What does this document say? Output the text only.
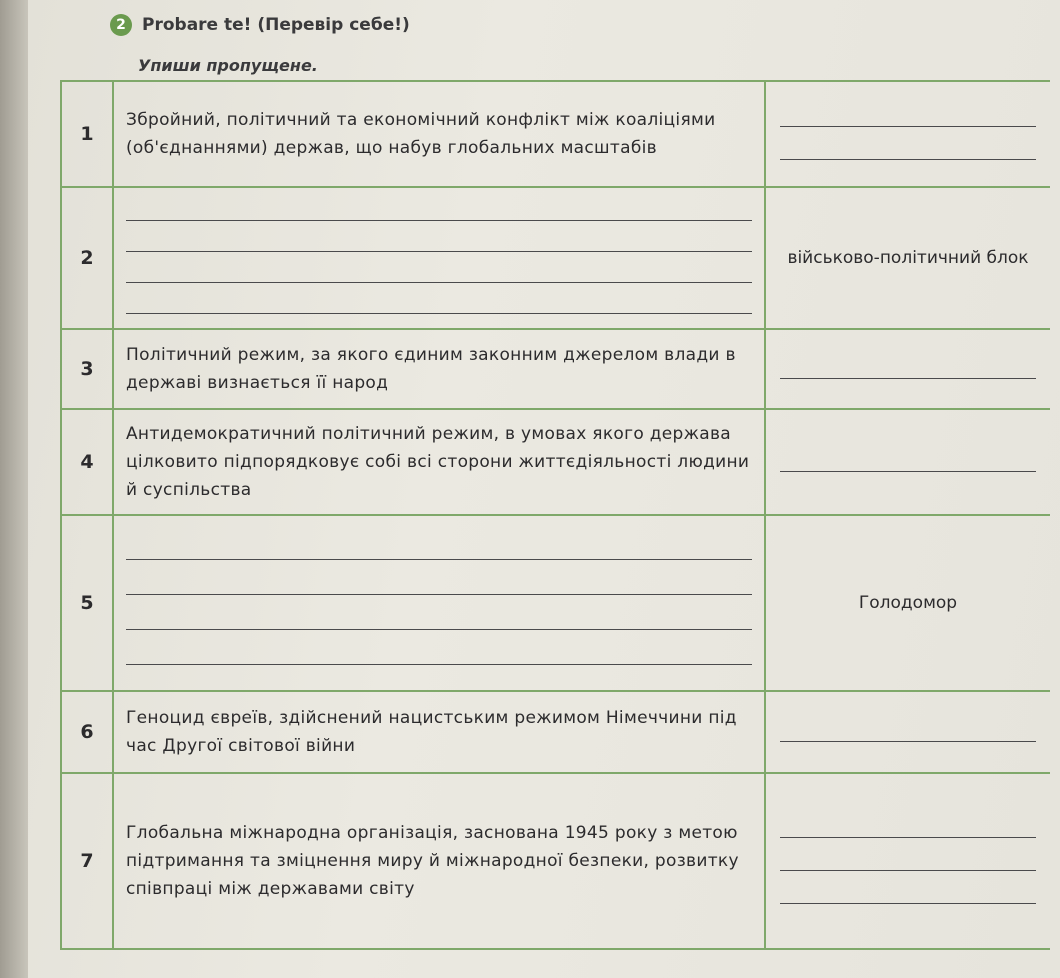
2 Probare te! (Перевір себе!)
Упиши пропущене.
1
Збройний, політичний та економічний конфлікт між коаліціями (об'єднаннями) держав, що набув глобальних масштабів
2	військово-політичний блок
3
Політичний режим, за якого єдиним законним джерелом влади в державі визнається її народ
4
Антидемократичний політичний режим, в умовах якого держава цілковито підпорядковує собі всі сторони життєдіяльності людини й суспільства
5	Голодомор
6
Геноцид євреїв, здійснений нацистським режимом Німеччини під час Другої світової війни
7
Глобальна міжнародна організація, заснована 1945 року з метою підтримання та зміцнення миру й міжнародної безпеки, розвитку співпраці між державами світу
